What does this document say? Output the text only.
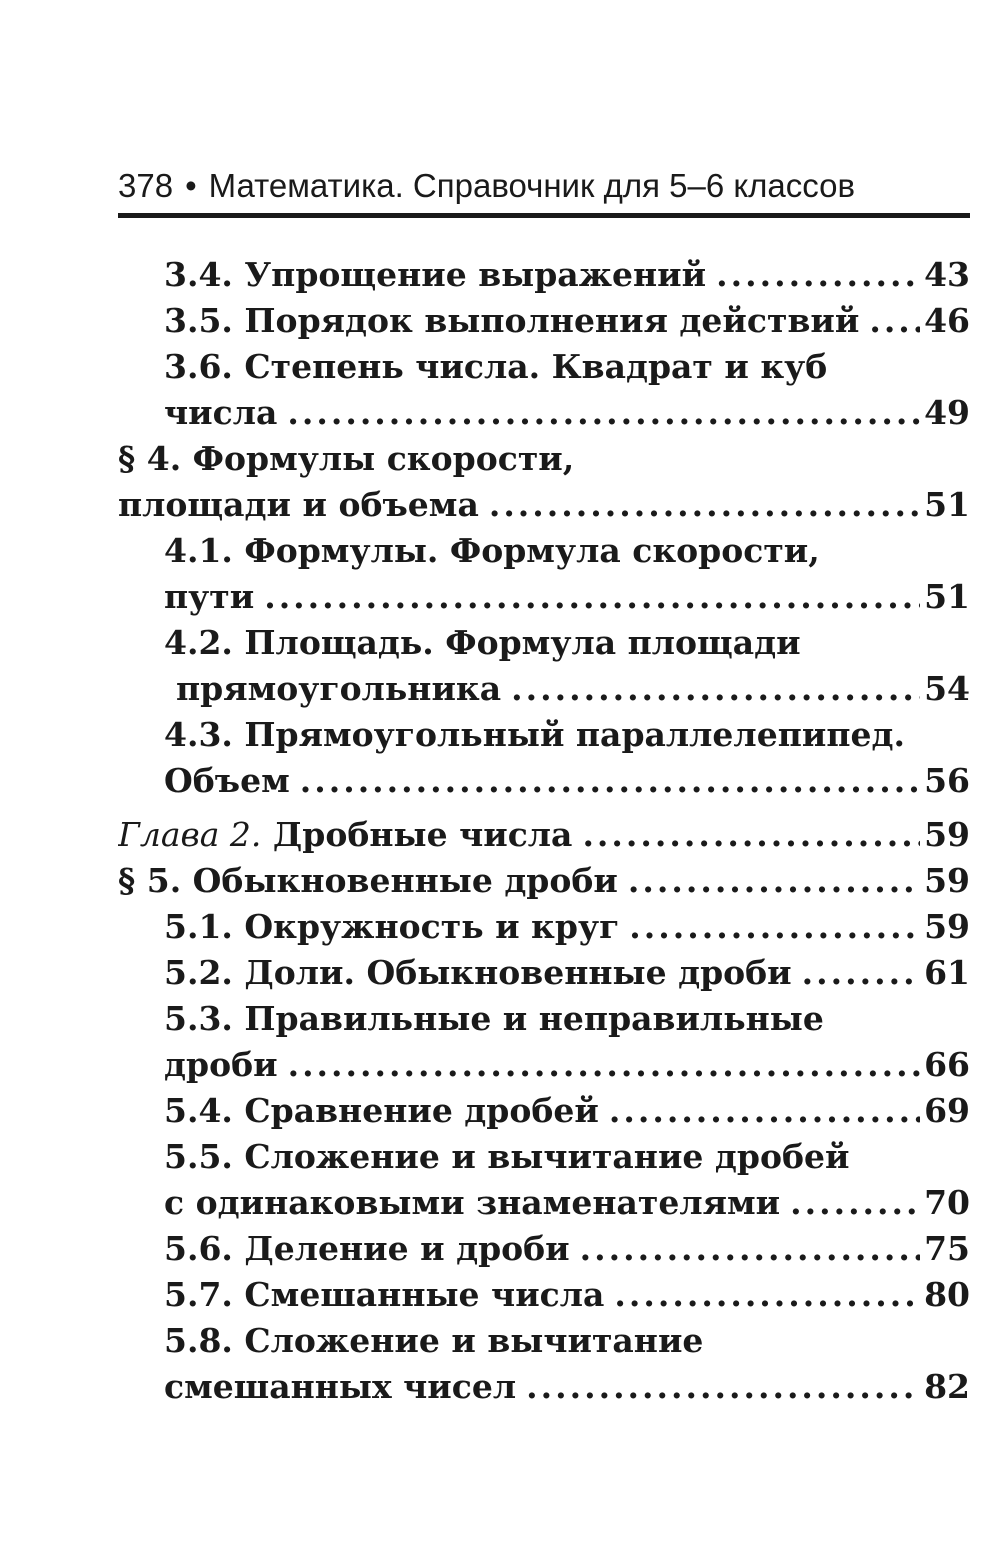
378 • Математика. Справочник для 5–6 классов
3.4. Упрощение выражений .....	43
3.5. Порядок выполнения действий ..... 46
3.6. Степень числа. Квадрат и куб
числа .....	49
§ 4. Формулы скорости,
площади и объема .....	51
4.1. Формулы. Формула скорости,
пути .....	51
4.2. Площадь. Формула площади
прямоугольника .....	54
4.3. Прямоугольный параллелепипед.
Объем .....	56
Глава 2. Дробные числа .....	59
§ 5. Обыкновенные дроби .....	59
5.1. Окружность и круг .....	59
5.2. Доли. Обыкновенные дроби .....	61
5.3. Правильные и неправильные
дроби .....	66
5.4. Сравнение дробей .....	69
5.5. Сложение и вычитание дробей
с одинаковыми знаменателями .....	70
5.6. Деление и дроби .....	75
5.7. Смешанные числа .....	80
5.8. Сложение и вычитание
смешанных чисел .....	82
